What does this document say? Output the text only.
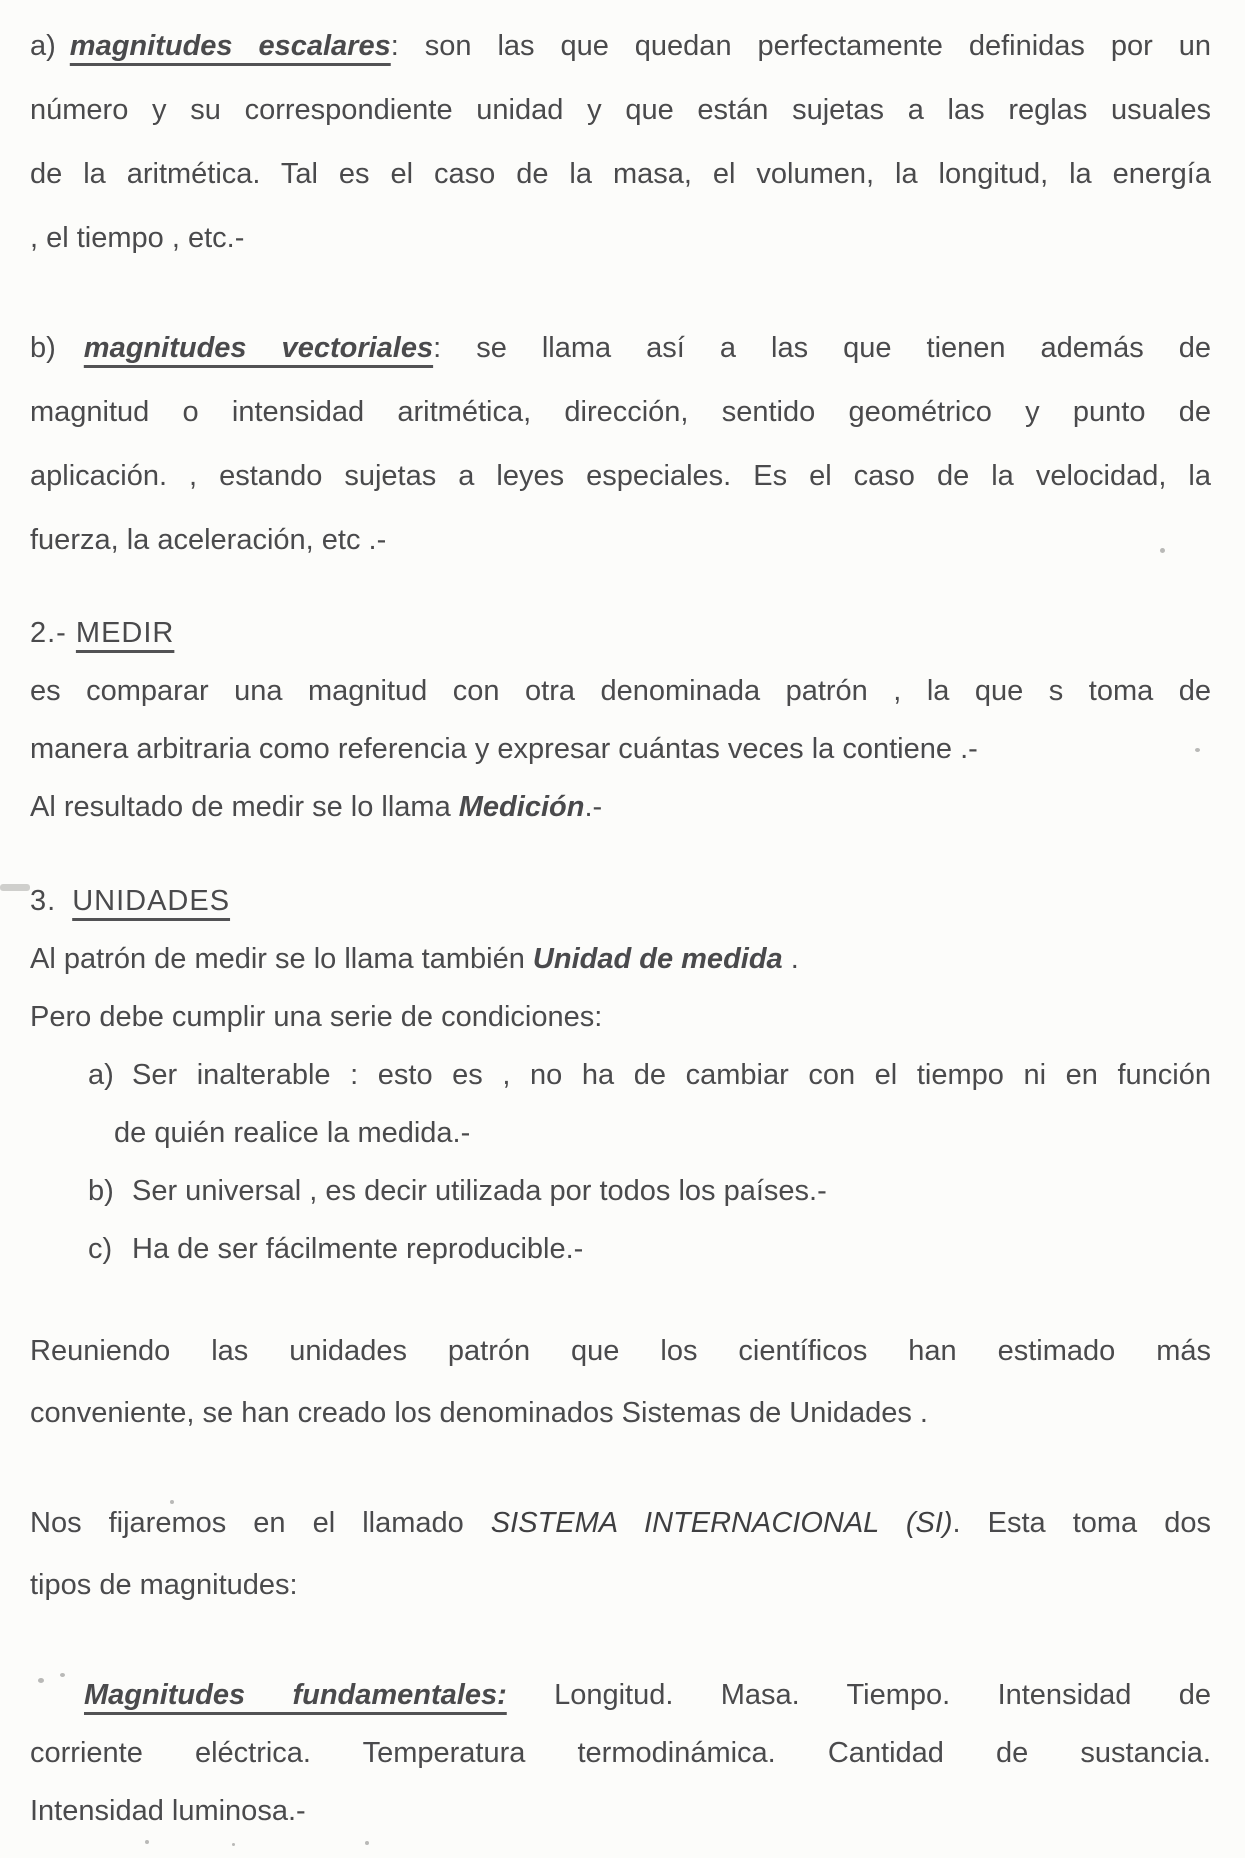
a) magnitudes escalares: son las que quedan perfectamente definidas por un
número y su correspondiente unidad y que están sujetas a las reglas usuales
de la aritmética. Tal es el caso de la masa, el volumen, la longitud, la energía
, el tiempo , etc.-
b) magnitudes vectoriales: se llama así a las que tienen además de
magnitud o intensidad aritmética, dirección, sentido geométrico y punto de
aplicación. , estando sujetas a leyes especiales. Es el caso de la velocidad, la
fuerza, la aceleración, etc .-
2.- MEDIR
es comparar una magnitud con otra denominada patrón , la que s toma de
manera arbitraria como referencia y expresar cuántas veces la contiene .-
Al resultado de medir se lo llama Medición.-
3. UNIDADES
Al patrón de medir se lo llama también Unidad de medida .
Pero debe cumplir una serie de condiciones:
a) Ser inalterable : esto es , no ha de cambiar con el tiempo ni en función
de quién realice la medida.-
b) Ser universal , es decir utilizada por todos los países.-
c) Ha de ser fácilmente reproducible.-
Reuniendo las unidades patrón que los científicos han estimado más
conveniente, se han creado los denominados Sistemas de Unidades .
Nos fijaremos en el llamado SISTEMA INTERNACIONAL (SI). Esta toma dos
tipos de magnitudes:
Magnitudes fundamentales: Longitud. Masa. Tiempo. Intensidad de
corriente eléctrica. Temperatura termodinámica. Cantidad de sustancia.
Intensidad luminosa.-
